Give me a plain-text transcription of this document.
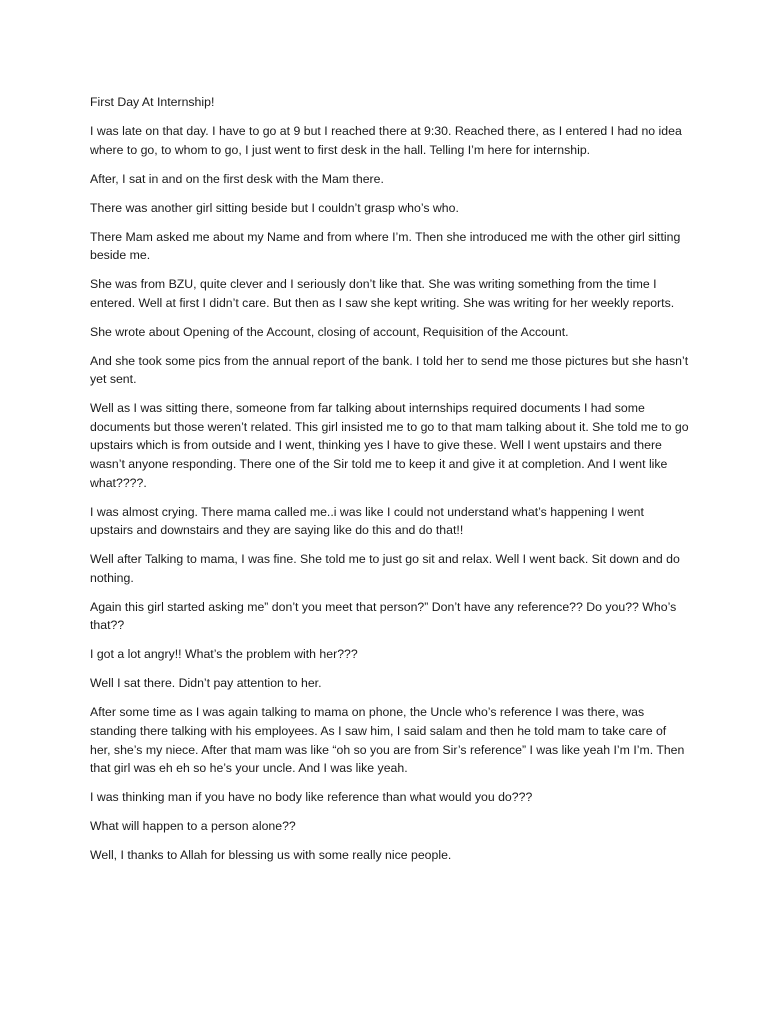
First Day At Internship!

I was late on that day. I have to go at 9 but I reached there at 9:30. Reached there, as I entered I had no idea where to go, to whom to go, I just went to first desk in the hall. Telling I’m here for internship.

After, I sat in and on the first desk with the Mam there.

There was another girl sitting beside but I couldn’t grasp who’s who.

There Mam asked me about my Name and from where I’m. Then she introduced me with the other girl sitting beside me.

She was from BZU, quite clever and I seriously don’t like that. She was writing something from the time I entered. Well at first I didn’t care. But then as I saw she kept writing. She was writing for her weekly reports.

She wrote about Opening of the Account, closing of account, Requisition of the Account.

And she took some pics from the annual report of the bank. I told her to send me those pictures but she hasn’t yet sent.

Well as I was sitting there, someone from far talking about internships required documents I had some documents but those weren’t related. This girl insisted me to go to that mam talking about it. She told me to go upstairs which is from outside and I went, thinking yes I have to give these. Well I went upstairs and there wasn’t anyone responding. There one of the Sir told me to keep it and give it at completion. And I went like what????.

I was almost crying. There mama called me..i was like I could not understand what’s happening I went upstairs and downstairs and they are saying like do this and do that!!

Well after Talking to mama, I was fine. She told me to just go sit and relax. Well I went back. Sit down and do nothing.

Again this girl started asking me” don’t you meet that person?” Don’t have any reference?? Do you?? Who’s that??

I got a lot angry!! What’s the problem with her???

Well I sat there. Didn’t pay attention to her.

After some time as I was again talking to mama on phone, the Uncle who’s reference I was there, was standing there talking with his employees. As I saw him, I said salam and then he told mam to take care of her, she’s my niece. After that mam was like “oh so you are from Sir’s reference” I was like yeah I’m I’m. Then that girl was eh eh so he’s your uncle. And I was like yeah.

I was thinking man if you have no body like reference than what would you do???

What will happen to a person alone??

Well, I thanks to Allah for blessing us with some really nice people.
